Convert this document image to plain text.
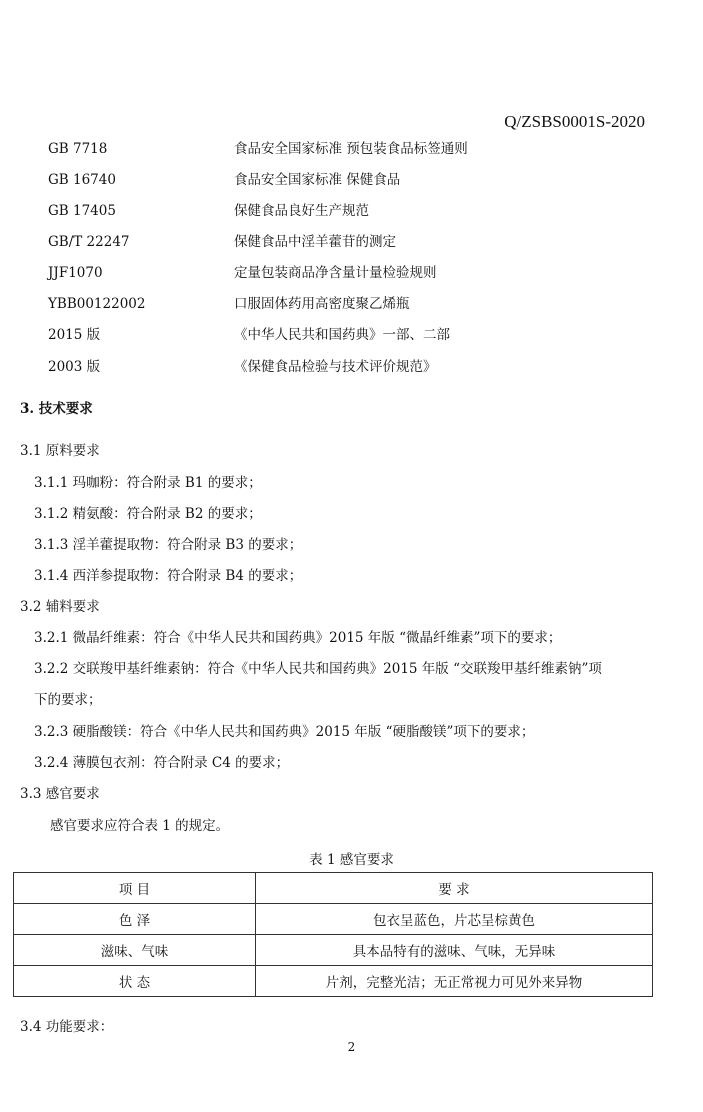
Q/ZSBS0001S-2020
GB 7718	食品安全国家标准 预包装食品标签通则
GB 16740	食品安全国家标准 保健食品
GB 17405	保健食品良好生产规范
GB/T 22247	保健食品中淫羊藿苷的测定
JJF1070	定量包装商品净含量计量检验规则
YBB00122002	口服固体药用高密度聚乙烯瓶
2015 版	《中华人民共和国药典》一部、二部
2003 版	《保健食品检验与技术评价规范》
3. 技术要求
3.1 原料要求
3.1.1 玛咖粉：符合附录 B1 的要求；
3.1.2 精氨酸：符合附录 B2 的要求；
3.1.3 淫羊藿提取物：符合附录 B3 的要求；
3.1.4 西洋参提取物：符合附录 B4 的要求；
3.2 辅料要求
3.2.1 微晶纤维素：符合《中华人民共和国药典》2015 年版 “微晶纤维素”项下的要求；
3.2.2 交联羧甲基纤维素钠：符合《中华人民共和国药典》2015 年版 “交联羧甲基纤维素钠”项
下的要求；
3.2.3 硬脂酸镁：符合《中华人民共和国药典》2015 年版 “硬脂酸镁”项下的要求；
3.2.4 薄膜包衣剂：符合附录 C4 的要求；
3.3 感官要求
感官要求应符合表 1 的规定。
表 1 感官要求
项 目	要 求
色 泽	包衣呈蓝色，片芯呈棕黄色
滋味、气味	具本品特有的滋味、气味，无异味
状 态	片剂，完整光洁；无正常视力可见外来异物
3.4 功能要求：
2
